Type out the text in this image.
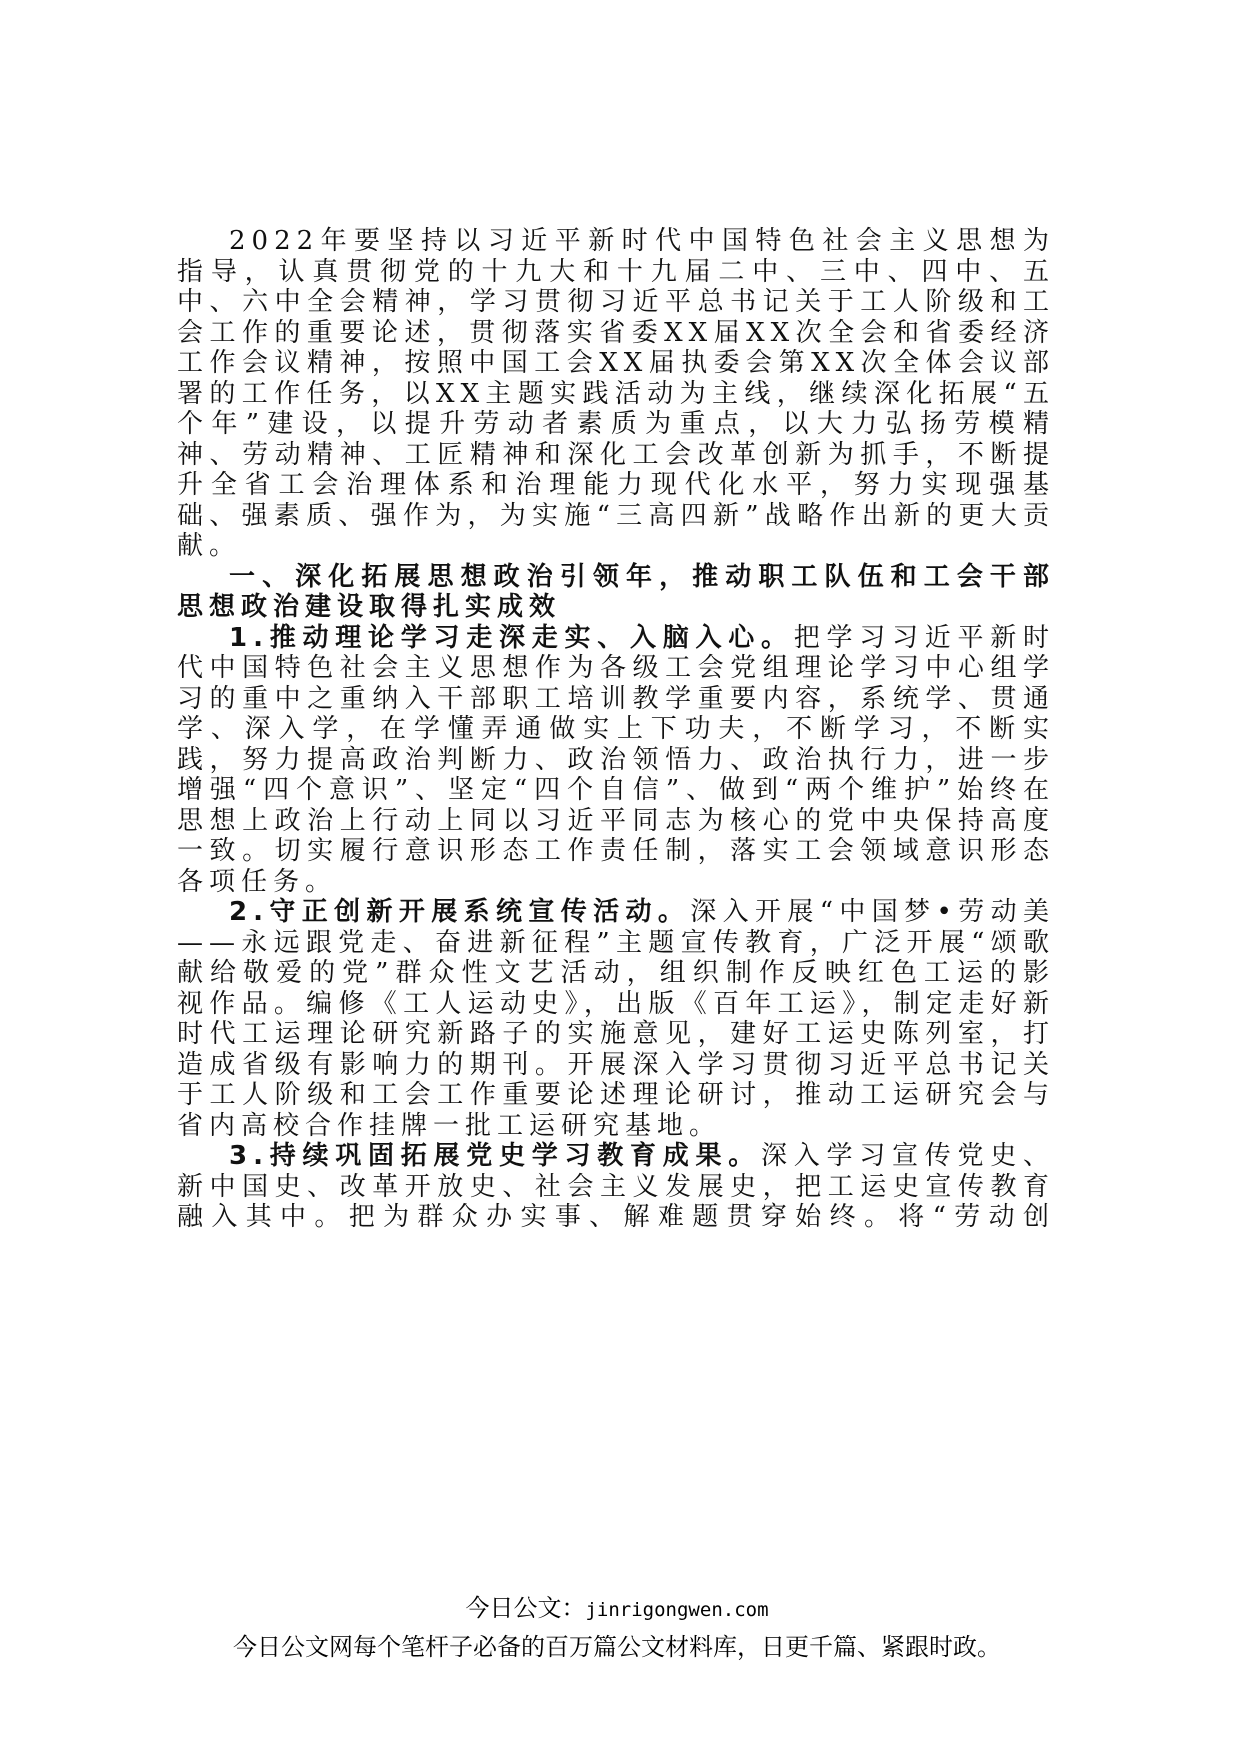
2022年要坚持以习近平新时代中国特色社会主义思想为指导，认真贯彻党的十九大和十九届二中、三中、四中、五中、六中全会精神，学习贯彻习近平总书记关于工人阶级和工会工作的重要论述，贯彻落实省委XX届XX次全会和省委经济工作会议精神，按照中国工会XX届执委会第XX次全体会议部署的工作任务，以XX主题实践活动为主线，继续深化拓展“五个年”建设，以提升劳动者素质为重点，以大力弘扬劳模精神、劳动精神、工匠精神和深化工会改革创新为抓手，不断提升全省工会治理体系和治理能力现代化水平，努力实现强基础、强素质、强作为，为实施“三高四新”战略作出新的更大贡献。

一、深化拓展思想政治引领年，推动职工队伍和工会干部思想政治建设取得扎实成效

1.推动理论学习走深走实、入脑入心。把学习习近平新时代中国特色社会主义思想作为各级工会党组理论学习中心组学习的重中之重纳入干部职工培训教学重要内容，系统学、贯通学、深入学，在学懂弄通做实上下功夫，不断学习，不断实践，努力提高政治判断力、政治领悟力、政治执行力，进一步增强“四个意识”、坚定“四个自信”、做到“两个维护”始终在思想上政治上行动上同以习近平同志为核心的党中央保持高度一致。切实履行意识形态工作责任制，落实工会领域意识形态各项任务。

2.守正创新开展系统宣传活动。深入开展“中国梦•劳动美——永远跟党走、奋进新征程”主题宣传教育，广泛开展“颂歌献给敬爱的党”群众性文艺活动，组织制作反映红色工运的影视作品。编修《工人运动史》，出版《百年工运》，制定走好新时代工运理论研究新路子的实施意见，建好工运史陈列室，打造成省级有影响力的期刊。开展深入学习贯彻习近平总书记关于工人阶级和工会工作重要论述理论研讨，推动工运研究会与省内高校合作挂牌一批工运研究基地。

3.持续巩固拓展党史学习教育成果。深入学习宣传党史、新中国史、改革开放史、社会主义发展史，把工运史宣传教育融入其中。把为群众办实事、解难题贯穿始终。将“劳动创

今日公文：jinrigongwen.com
今日公文网每个笔杆子必备的百万篇公文材料库，日更千篇、紧跟时政。
